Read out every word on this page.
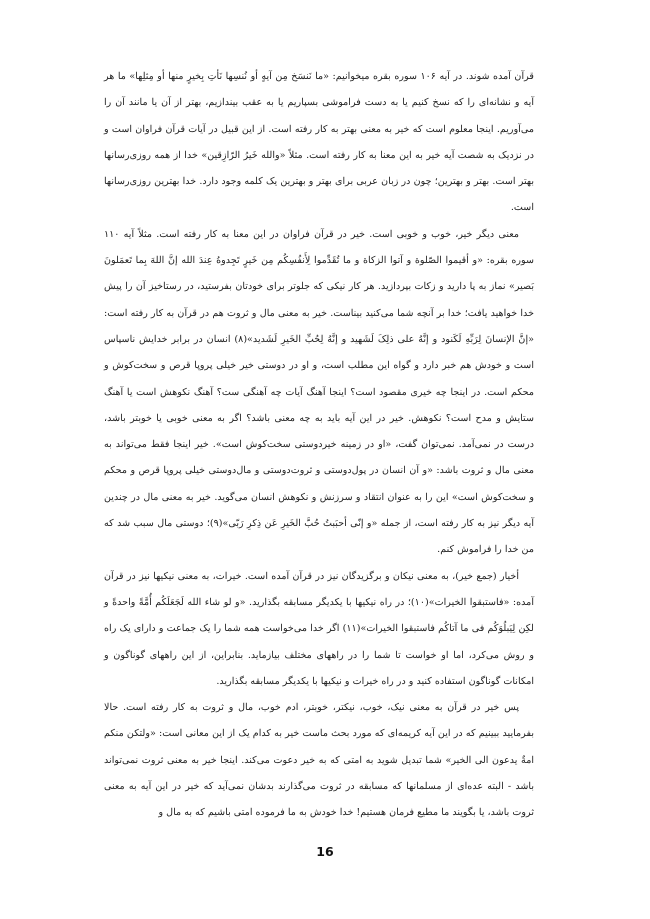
قرآن آمده شوند. در آیه ۱۰۶ سوره بقره میخوانیم: «ما نَنسَخ مِن آیهٍ أو نُنسِها نَأتِ بِخیرٍ منها أو مِثلِها» ما هر آیه و نشانه‌ای را که نسخ کنیم یا به دست فراموشی بسپاریم یا به عقب بیندازیم، بهتر از آن یا مانند آن را می‌آوریم. اینجا معلوم است که خیر به معنی بهتر به کار رفته است. از این قبیل در آیات قرآن فراوان است و در نزدیک به شصت آیه خیر به این معنا به کار رفته است. مثلاً «والله خَیرُ الرّازِقین» خدا از همه روزی‌رسانها بهتر است. بهتر و بهترین؛ چون در زبان عربی برای بهتر و بهترین یک کلمه وجود دارد. خدا بهترین روزی‌رسانها است.

معنی دیگر خیر، خوب و خوبی است. خیر در قرآن فراوان در این معنا به کار رفته است. مثلاً آیه ۱۱۰ سوره بقره: «و أقیموا الصّلوة و آتوا الزکاة و ما تُقَدِّموا لِأَنفُسِکُم مِن خَیرٍ تَجِدوهُ عِندَ الله إنَّ اللهَ بِما تَعمَلونَ بَصیر» نماز به پا دارید و زکات بپردازید. هر کار نیکی که جلوتر برای خودتان بفرستید، در رستاخیز آن را پیش خدا خواهید یافت؛ خدا بر آنچه شما می‌کنید بیناست. خیر به معنی مال و ثروت هم در قرآن به کار رفته است: «إنَّ الإنسانَ لِرَبِّهِ لَکَنود و إنَّهُ علی ذلِکَ لَشَهید و إنَّهُ لِحُبِّ الخَیرِ لَشَدید»(۸) انسان در برابر خدایش ناسپاس است و خودش هم خبر دارد و گواه این مطلب است، و او در دوستی خیر خیلی پروپا قرص و سخت‌کوش و محکم است. در اینجا چه خیری مقصود است؟ اینجا آهنگ آیات چه آهنگی ست؟ آهنگ نکوهش است یا آهنگ ستایش و مدح است؟ نکوهش. خیر در این آیه باید به چه معنی باشد؟ اگر به معنی خوبی یا خوبتر باشد، درست در نمی‌آمد. نمی‌توان گفت، «او در زمینه خیردوستی سخت‌کوش است». خیر اینجا فقط می‌تواند به معنی مال و ثروت باشد: «و آن انسان در پول‌دوستی و ثروت‌دوستی و مال‌دوستی خیلی پروپا قرص و محکم و سخت‌کوش است» این را به عنوان انتقاد و سرزنش و نکوهش انسان می‌گوید. خیر به معنی مال در چندین آیه دیگر نیز به کار رفته است، از جمله «و إنّی أحبَبتُ حُبَّ الخَیرِ عَن ذِکرِ رَبّی»(۹)؛ دوستی مال سبب شد که من خدا را فراموش کنم.

أخیار (جمع خیر)، به معنی نیکان و برگزیدگان نیز در قرآن آمده است. خیرات، به معنی نیکیها نیز در قرآن آمده: «فاستبقوا الخیرات»(۱۰)؛ در راه نیکیها با یکدیگر مسابقه بگذارید. «و لو شاء الله لَجَعَلَکُم أُمَّةً واحدةً و لکِن لِیَبلُوَکُم فی ما آتاکُم فاستبقوا الخیرات»(۱۱) اگر خدا می‌خواست همه شما را یک جماعت و دارای یک راه و روش می‌کرد، اما او خواست تا شما را در راههای مختلف بیازماید. بنابراین، از این راههای گوناگون و امکانات گوناگون استفاده کنید و در راه خیرات و نیکیها با یکدیگر مسابقه بگذارید.

پس خیر در قرآن به معنی نیک، خوب، نیکتر، خوبتر، ادم خوب، مال و ثروت به کار رفته است. حالا بفرمایید ببینیم که در این آیه کریمه‌ای که مورد بحث ماست خیر به کدام یک از این معانی است: «ولتکن منکم امةٌ یدعون الی الخیر» شما تبدیل شوید به امتی که به خیر دعوت می‌کند. اینجا خیر به معنی ثروت نمی‌تواند باشد - البته عده‌ای از مسلمانها که مسابقه در ثروت می‌گذارند بدشان نمی‌آید که خیر در این آیه به معنی ثروت باشد، یا بگویند ما مطیع فرمان هستیم! خدا خودش به ما فرموده امتی باشیم که به مال و

16
